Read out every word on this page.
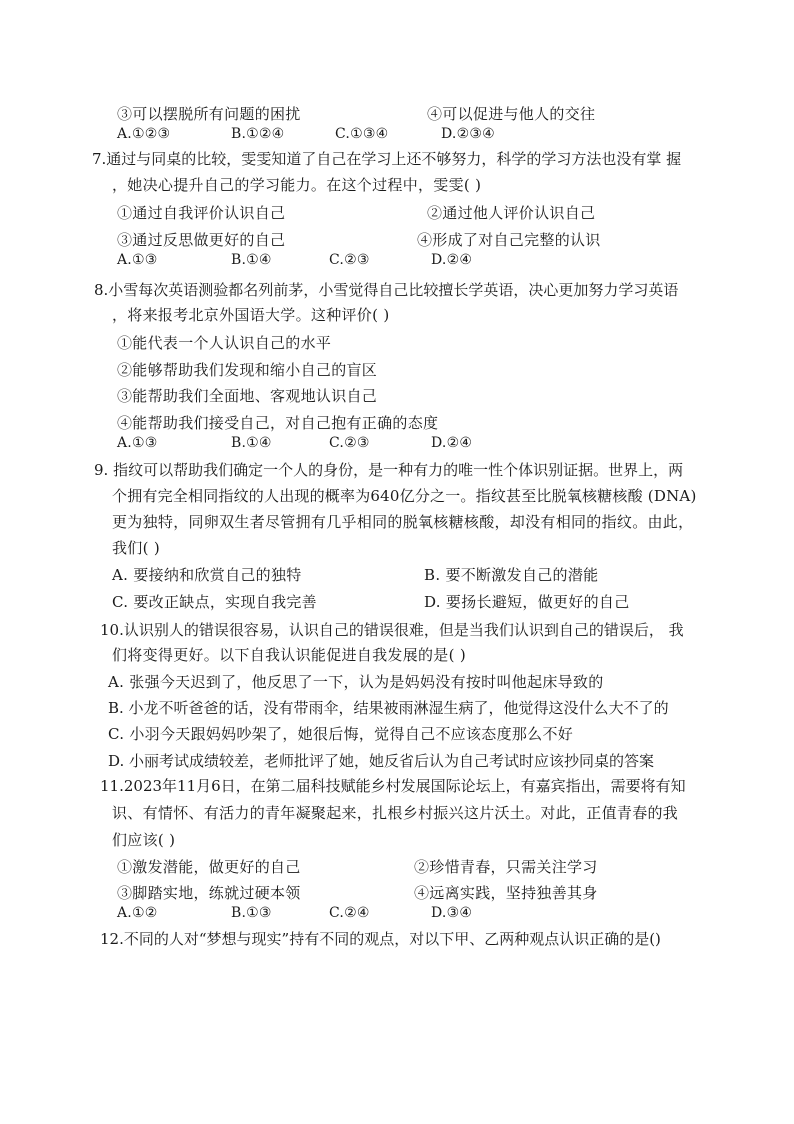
③可以摆脱所有问题的困扰	④可以促进与他人的交往
A.①②③	B.①②④	C.①③④	D.②③④
7.通过与同桌的比较，雯雯知道了自己在学习上还不够努力，科学的学习方法也没有掌 握
，她决心提升自己的学习能力。在这个过程中，雯雯( )
①通过自我评价认识自己	②通过他人评价认识自己
③通过反思做更好的自己	④形成了对自己完整的认识
A.①③	B.①④	C.②③	D.②④
8.小雪每次英语测验都名列前茅，小雪觉得自己比较擅长学英语，决心更加努力学习英语
，将来报考北京外国语大学。这种评价( )
①能代表一个人认识自己的水平
②能够帮助我们发现和缩小自己的盲区
③能帮助我们全面地、客观地认识自己
④能帮助我们接受自己，对自己抱有正确的态度
A.①③	B.①④	C.②③	D.②④
9. 指纹可以帮助我们确定一个人的身份，是一种有力的唯一性个体识别证据。世界上，两
个拥有完全相同指纹的人出现的概率为640亿分之一。指纹甚至比脱氧核糖核酸 (DNA)
更为独特，同卵双生者尽管拥有几乎相同的脱氧核糖核酸，却没有相同的指纹。由此，
我们( )
A. 要接纳和欣赏自己的独特	B. 要不断激发自己的潜能
C. 要改正缺点，实现自我完善	D. 要扬长避短，做更好的自己
10.认识别人的错误很容易，认识自己的错误很难，但是当我们认识到自己的错误后， 我
们将变得更好。以下自我认识能促进自我发展的是( )
A. 张强今天迟到了，他反思了一下，认为是妈妈没有按时叫他起床导致的
B. 小龙不听爸爸的话，没有带雨伞，结果被雨淋湿生病了，他觉得这没什么大不了的
C. 小羽今天跟妈妈吵架了，她很后悔，觉得自己不应该态度那么不好
D. 小丽考试成绩较差，老师批评了她，她反省后认为自己考试时应该抄同桌的答案
11.2023年11月6日，在第二届科技赋能乡村发展国际论坛上，有嘉宾指出，需要将有知
识、有情怀、有活力的青年凝聚起来，扎根乡村振兴这片沃土。对此，正值青春的我
们应该( )
①激发潜能，做更好的自己	②珍惜青春，只需关注学习
③脚踏实地，练就过硬本领	④远离实践，坚持独善其身
A.①②	B.①③	C.②④	D.③④
12.不同的人对“梦想与现实”持有不同的观点，对以下甲、乙两种观点认识正确的是()
